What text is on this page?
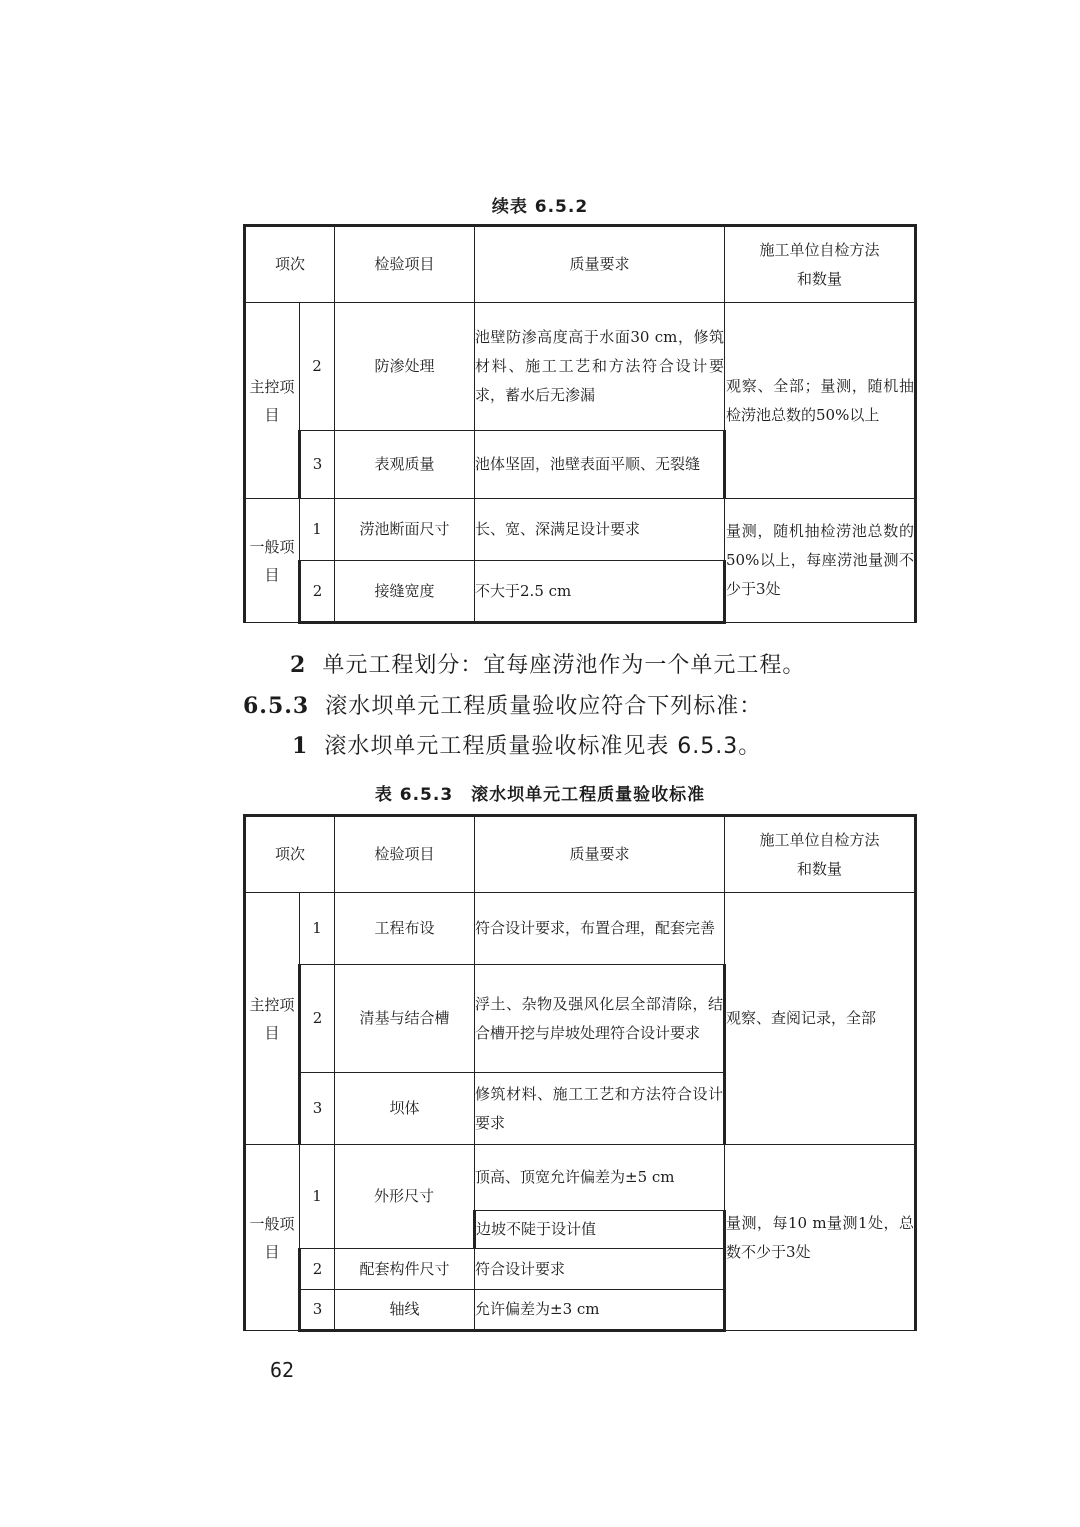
续表 6.5.2
项次		检验项目	质量要求	施工单位自检方法和数量
主控项目	2	防渗处理	池壁防渗高度高于水面30 cm，修筑材料、施工工艺和方法符合设计要求，蓄水后无渗漏	观察、全部；量测，随机抽检涝池总数的50%以上
	3	表观质量	池体坚固，池壁表面平顺、无裂缝	
一般项目	1	涝池断面尺寸	长、宽、深满足设计要求	量测，随机抽检涝池总数的50%以上，每座涝池量测不少于3处
	2	接缝宽度	不大于2.5 cm	
2 单元工程划分：宜每座涝池作为一个单元工程。
6.5.3 滚水坝单元工程质量验收应符合下列标准：
1 滚水坝单元工程质量验收标准见表 6.5.3。
表 6.5.3　滚水坝单元工程质量验收标准
项次		检验项目	质量要求	施工单位自检方法和数量
主控项目	1	工程布设	符合设计要求，布置合理，配套完善	观察、查阅记录，全部
	2	清基与结合槽	浮土、杂物及强风化层全部清除，结合槽开挖与岸坡处理符合设计要求	
	3	坝体	修筑材料、施工工艺和方法符合设计要求	
一般项目	1	外形尺寸	顶高、顶宽允许偏差为±5 cm	量测，每10 m量测1处，总数不少于3处
			边坡不陡于设计值	
	2	配套构件尺寸	符合设计要求	
	3	轴线	允许偏差为±3 cm	
62
